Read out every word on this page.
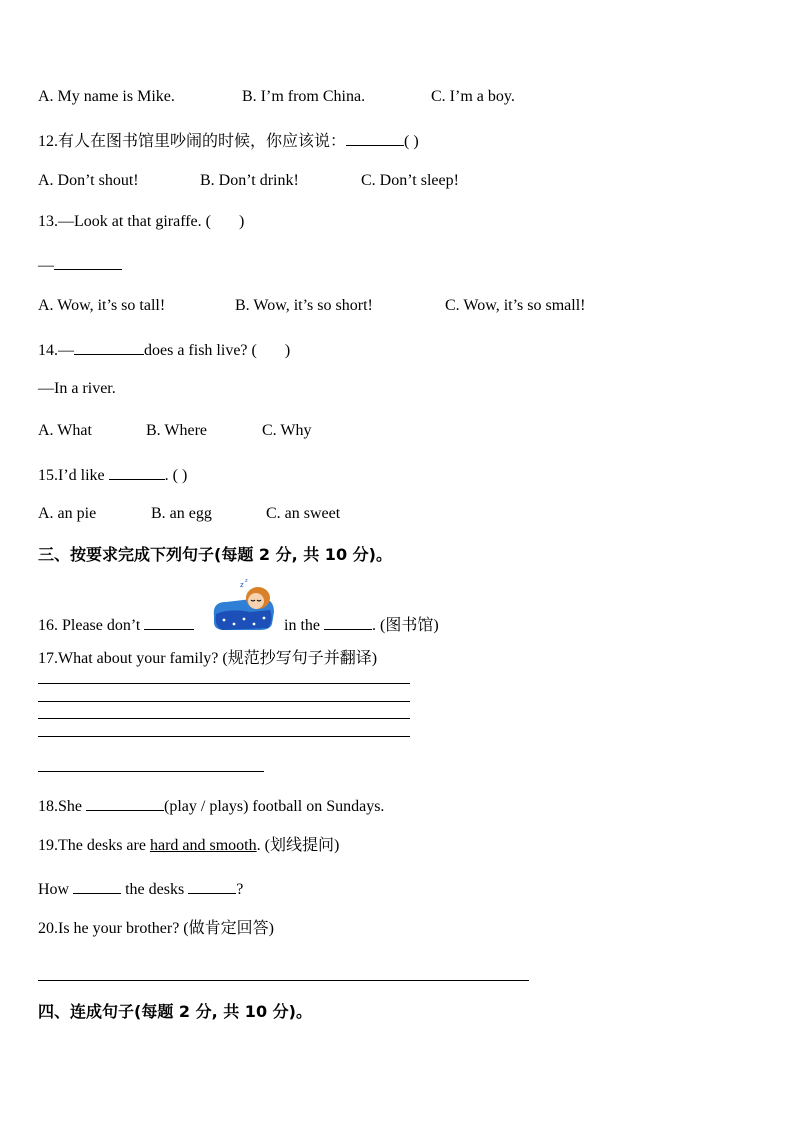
A. My name is Mike.	B. I’m from China.	C. I’m a boy.
12.有人在图书馆里吵闹的时候，你应该说：	( )
A. Don’t shout!	B. Don’t drink!	C. Don’t sleep!
13.—Look at that giraffe. ( )
—
A. Wow, it’s so tall!	B. Wow, it’s so short!	C. Wow, it’s so small!
14.—	does a fish live? ( )
—In a river.
A. What	B. Where	C. Why
15.I’d like	. ( )
A. an pie	B. an egg	C. an sweet
三、按要求完成下列句子(每题 2 分, 共 10 分)。
16. Please don’t
z z
in the	. (图书馆)
17.What about your family? (规范抄写句子并翻译)
18.She	(play / plays) football on Sundays.
19.The desks are hard and smooth. (划线提问)
How	the desks	?
20.Is he your brother? (做肯定回答)
四、连成句子(每题 2 分, 共 10 分)。
